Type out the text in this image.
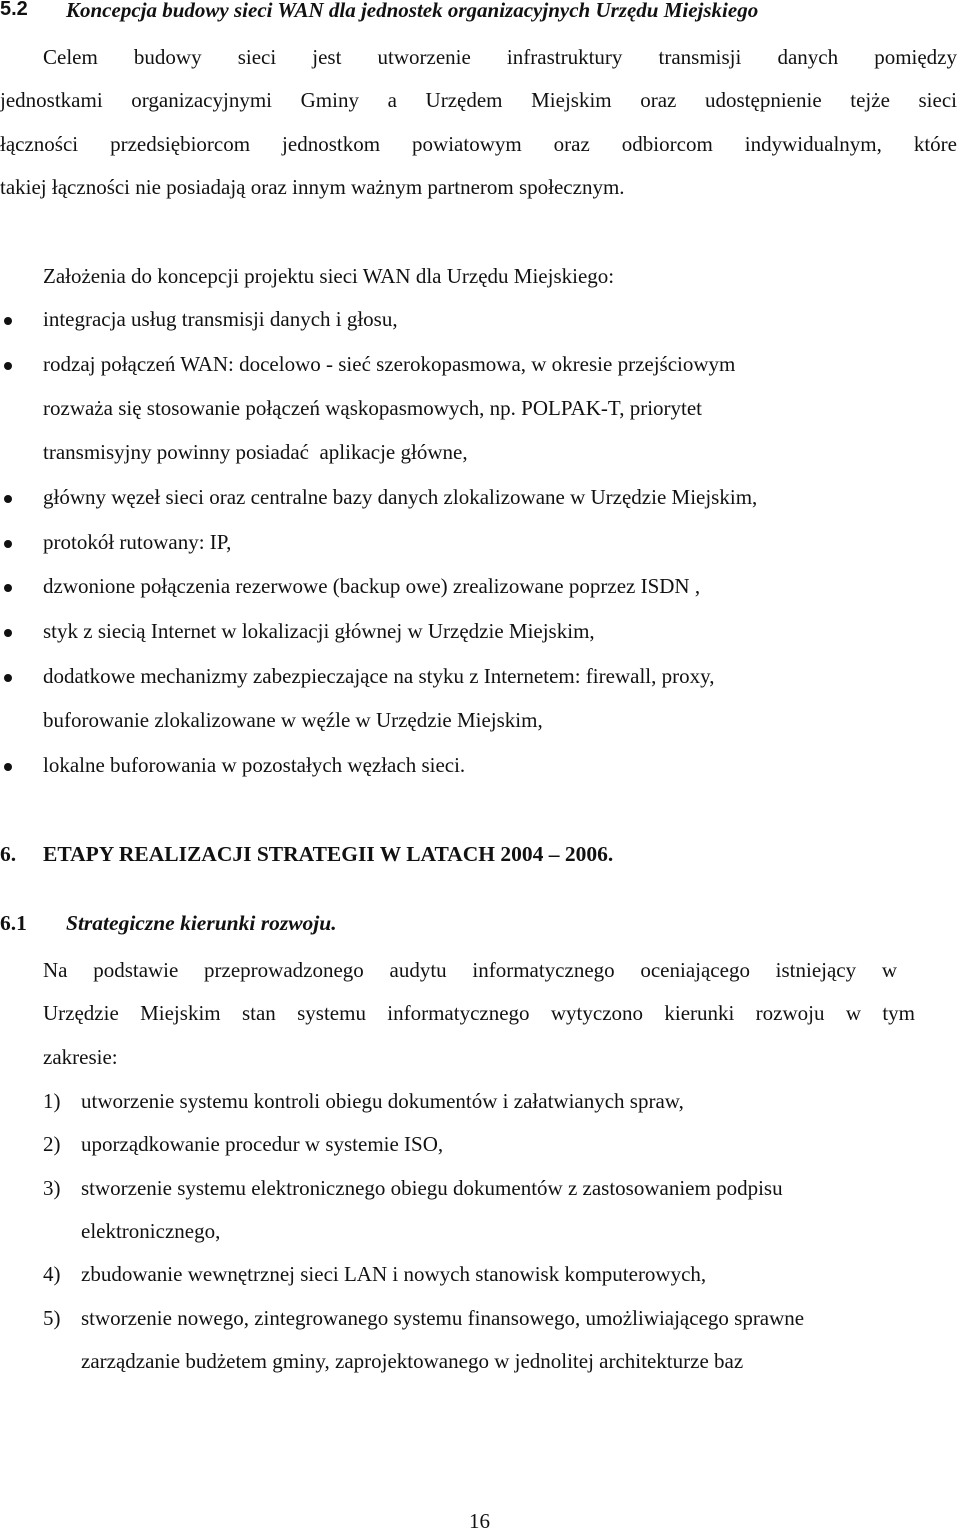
5.2 Koncepcja budowy sieci WAN dla jednostek organizacyjnych Urzędu Miejskiego
Celem budowy sieci jest utworzenie infrastruktury transmisji danych pomiędzy
jednostkami organizacyjnymi Gminy a Urzędem Miejskim oraz udostępnienie tejże sieci
łączności przedsiębiorcom jednostkom powiatowym oraz odbiorcom indywidualnym, które
takiej łączności nie posiadają oraz innym ważnym partnerom społecznym.
Założenia do koncepcji projektu sieci WAN dla Urzędu Miejskiego:
integracja usług transmisji danych i głosu,
rodzaj połączeń WAN: docelowo - sieć szerokopasmowa, w okresie przejściowym
rozważa się stosowanie połączeń wąskopasmowych, np. POLPAK-T, priorytet
transmisyjny powinny posiadać  aplikacje główne,
główny węzeł sieci oraz centralne bazy danych zlokalizowane w Urzędzie Miejskim,
protokół rutowany: IP,
dzwonione połączenia rezerwowe (backup owe) zrealizowane poprzez ISDN ,
styk z siecią Internet w lokalizacji głównej w Urzędzie Miejskim,
dodatkowe mechanizmy zabezpieczające na styku z Internetem: firewall, proxy,
buforowanie zlokalizowane w węźle w Urzędzie Miejskim,
lokalne buforowania w pozostałych węzłach sieci.
6. ETAPY REALIZACJI STRATEGII W LATACH 2004 – 2006.
6.1 Strategiczne kierunki rozwoju.
Na podstawie przeprowadzonego audytu informatycznego oceniającego istniejący w
Urzędzie Miejskim stan systemu informatycznego wytyczono kierunki rozwoju w tym
zakresie:
1) utworzenie systemu kontroli obiegu dokumentów i załatwianych spraw,
2) uporządkowanie procedur w systemie ISO,
3) stworzenie systemu elektronicznego obiegu dokumentów z zastosowaniem podpisu
elektronicznego,
4) zbudowanie wewnętrznej sieci LAN i nowych stanowisk komputerowych,
5) stworzenie nowego, zintegrowanego systemu finansowego, umożliwiającego sprawne
zarządzanie budżetem gminy, zaprojektowanego w jednolitej architekturze baz
16
